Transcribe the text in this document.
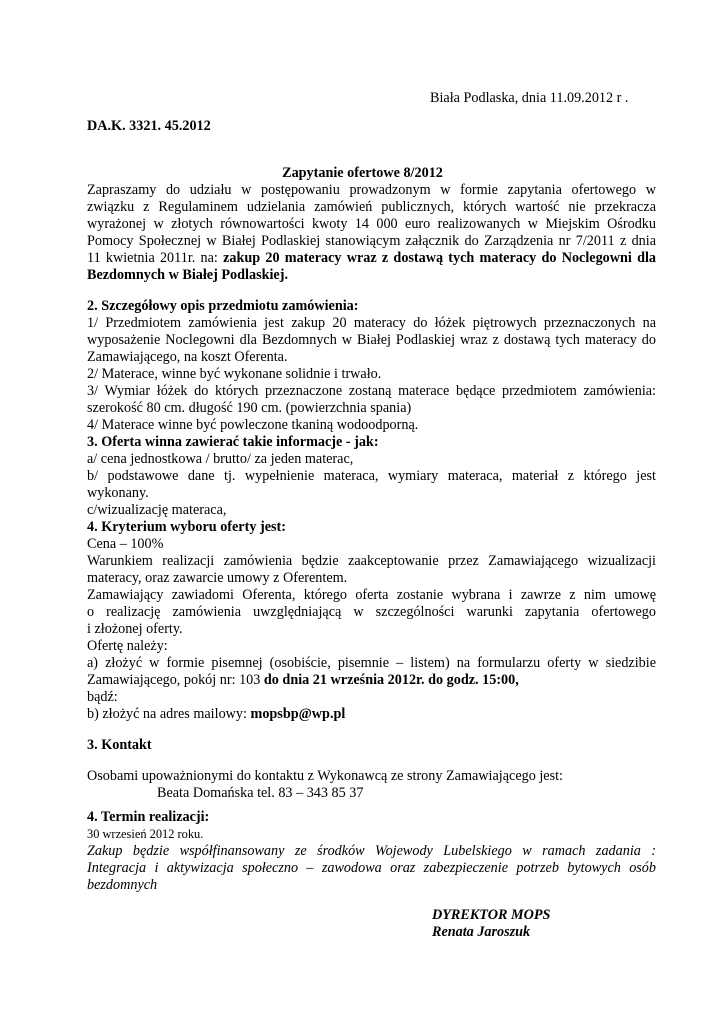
Biała Podlaska, dnia 11.09.2012 r .
DA.K. 3321. 45.2012
Zapytanie ofertowe 8/2012
Zapraszamy do udziału w postępowaniu prowadzonym w formie zapytania ofertowego w
związku z Regulaminem udzielania zamówień publicznych, których wartość nie przekracza
wyrażonej w złotych równowartości kwoty 14 000 euro realizowanych w Miejskim Ośrodku
Pomocy Społecznej w Białej Podlaskiej stanowiącym załącznik do Zarządzenia nr 7/2011 z dnia
11 kwietnia 2011r. na: zakup 20 materacy wraz z dostawą tych materacy do Noclegowni dla
Bezdomnych w Białej Podlaskiej.
2. Szczegółowy opis przedmiotu zamówienia:
1/ Przedmiotem zamówienia jest zakup 20 materacy do łóżek piętrowych przeznaczonych na
wyposażenie Noclegowni dla Bezdomnych w Białej Podlaskiej wraz z dostawą tych materacy do
Zamawiającego, na koszt Oferenta.
2/ Materace, winne być wykonane solidnie i trwało.
3/ Wymiar łóżek do których przeznaczone zostaną materace będące przedmiotem zamówienia:
szerokość 80 cm. długość 190 cm. (powierzchnia spania)
4/ Materace winne być powleczone tkaniną wodoodporną.
3. Oferta winna zawierać takie informacje - jak:
a/ cena jednostkowa / brutto/ za jeden materac,
b/ podstawowe dane tj. wypełnienie materaca, wymiary materaca, materiał z którego jest
wykonany.
c/wizualizację materaca,
4. Kryterium wyboru oferty jest:
Cena – 100%
Warunkiem realizacji zamówienia będzie zaakceptowanie przez Zamawiającego wizualizacji
materacy, oraz zawarcie umowy z Oferentem.
Zamawiający zawiadomi Oferenta, którego oferta zostanie wybrana i zawrze z nim umowę
o realizację zamówienia uwzględniającą w szczególności warunki zapytania ofertowego
i złożonej oferty.
Ofertę należy:
a) złożyć w formie pisemnej (osobiście, pisemnie – listem) na formularzu oferty w siedzibie
Zamawiającego, pokój nr: 103 do dnia 21 września 2012r. do godz. 15:00,
bądź:
b) złożyć na adres mailowy: mopsbp@wp.pl
3. Kontakt
Osobami upoważnionymi do kontaktu z Wykonawcą ze strony Zamawiającego jest:
Beata Domańska tel. 83 – 343 85 37
4. Termin realizacji:
30 wrzesień 2012 roku.
Zakup będzie współfinansowany ze środków Wojewody Lubelskiego w ramach zadania :
Integracja i aktywizacja społeczno – zawodowa oraz zabezpieczenie potrzeb bytowych osób
bezdomnych
DYREKTOR MOPS
Renata Jaroszuk
